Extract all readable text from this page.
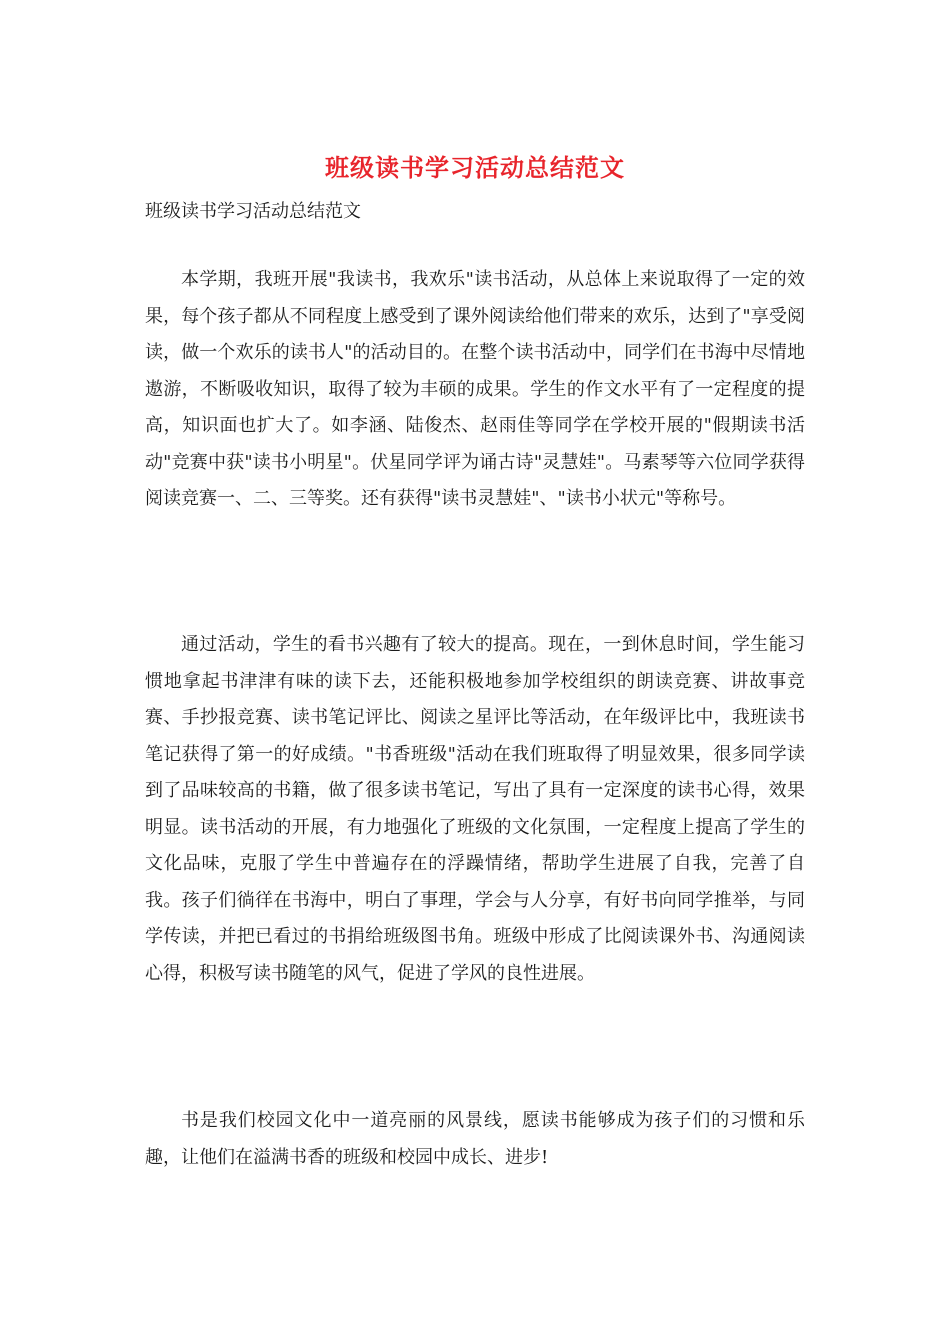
班级读书学习活动总结范文
班级读书学习活动总结范文

本学期，我班开展"我读书，我欢乐"读书活动，从总体上来说取得了一定的效果，每个孩子都从不同程度上感受到了课外阅读给他们带来的欢乐，达到了"享受阅读，做一个欢乐的读书人"的活动目的。在整个读书活动中，同学们在书海中尽情地遨游，不断吸收知识，取得了较为丰硕的成果。学生的作文水平有了一定程度的提高，知识面也扩大了。如李涵、陆俊杰、赵雨佳等同学在学校开展的"假期读书活动"竞赛中获"读书小明星"。伏星同学评为诵古诗"灵慧娃"。马素琴等六位同学获得阅读竞赛一、二、三等奖。还有获得"读书灵慧娃"、"读书小状元"等称号。

通过活动，学生的看书兴趣有了较大的提高。现在，一到休息时间，学生能习惯地拿起书津津有味的读下去，还能积极地参加学校组织的朗读竞赛、讲故事竞赛、手抄报竞赛、读书笔记评比、阅读之星评比等活动，在年级评比中，我班读书笔记获得了第一的好成绩。"书香班级"活动在我们班取得了明显效果，很多同学读到了品味较高的书籍，做了很多读书笔记，写出了具有一定深度的读书心得，效果明显。读书活动的开展，有力地强化了班级的文化氛围，一定程度上提高了学生的文化品味，克服了学生中普遍存在的浮躁情绪，帮助学生进展了自我，完善了自我。孩子们徜徉在书海中，明白了事理，学会与人分享，有好书向同学推举，与同学传读，并把已看过的书捐给班级图书角。班级中形成了比阅读课外书、沟通阅读心得，积极写读书随笔的风气，促进了学风的良性进展。

书是我们校园文化中一道亮丽的风景线，愿读书能够成为孩子们的习惯和乐趣，让他们在溢满书香的班级和校园中成长、进步!
